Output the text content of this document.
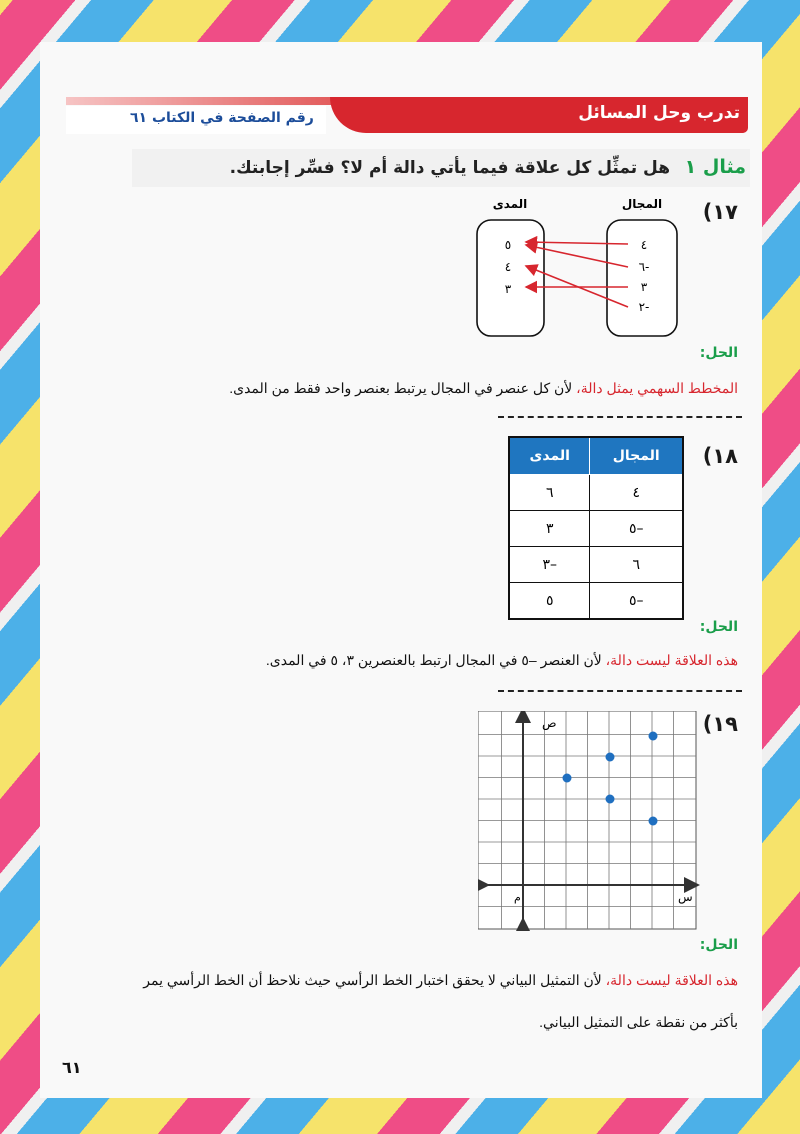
تدرب وحل المسائل
رقم الصفحة في الكتاب ٦١
مثال ١
هل تمثِّل كل علاقة فيما يأتي دالة أم لا؟ فسِّر إجابتك.
١٧)
المدى	المجال
٥
٤
٣
٤
٦-
٣
٢-
الحل:
المخطط السهمي يمثل دالة، لأن كل عنصر في المجال يرتبط بعنصر واحد فقط من المدى.
١٨)
المدى	المجال
٦	٤
٣	–٥
–٣	٦
٥	–٥
الحل:
هذه العلاقة ليست دالة، لأن العنصر –٥ في المجال ارتبط بالعنصرين ٣، ٥ في المدى.
١٩)
ص
س
م
الحل:
هذه العلاقة ليست دالة، لأن التمثيل البياني لا يحقق اختبار الخط الرأسي حيث نلاحظ أن الخط الرأسي يمر
بأكثر من نقطة على التمثيل البياني.
٦١
